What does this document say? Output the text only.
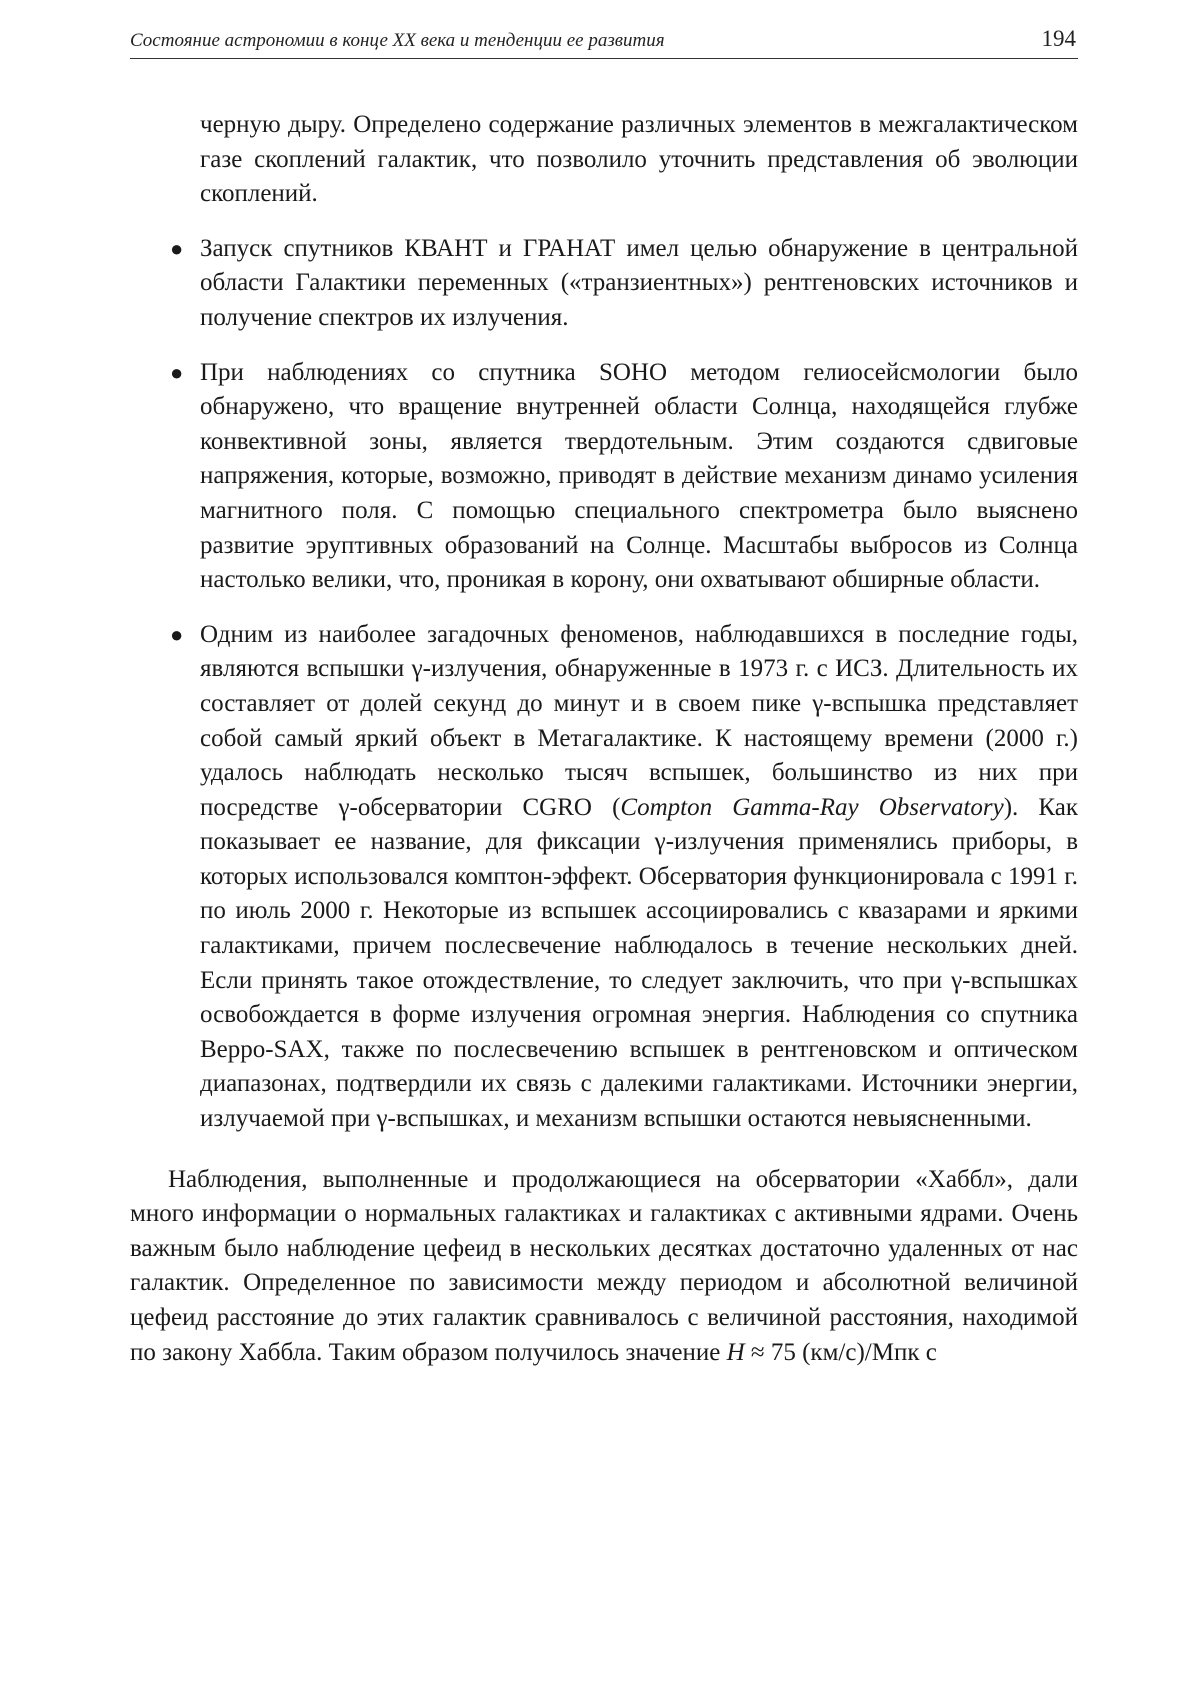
Состояние астрономии в конце XX века и тенденции ее развития	194

черную дыру. Определено содержание различных элементов в межгалактическом газе скоплений галактик, что позволило уточнить представления об эволюции скоплений.

● Запуск спутников КВАНТ и ГРАНАТ имел целью обнаружение в центральной области Галактики переменных («транзиентных») рентгеновских источников и получение спектров их излучения.

● При наблюдениях со спутника SOHO методом гелиосейсмологии было обнаружено, что вращение внутренней области Солнца, находящейся глубже конвективной зоны, является твердотельным. Этим создаются сдвиговые напряжения, которые, возможно, приводят в действие механизм динамо усиления магнитного поля. С помощью специального спектрометра было выяснено развитие эруптивных образований на Солнце. Масштабы выбросов из Солнца настолько велики, что, проникая в корону, они охватывают обширные области.

● Одним из наиболее загадочных феноменов, наблюдавшихся в последние годы, являются вспышки γ-излучения, обнаруженные в 1973 г. с ИСЗ. Длительность их составляет от долей секунд до минут и в своем пике γ-вспышка представляет собой самый яркий объект в Метагалактике. К настоящему времени (2000 г.) удалось наблюдать несколько тысяч вспышек, большинство из них при посредстве γ-обсерватории CGRO (Compton Gamma-Ray Observatory). Как показывает ее название, для фиксации γ-излучения применялись приборы, в которых использовался комптон-эффект. Обсерватория функционировала с 1991 г. по июль 2000 г. Некоторые из вспышек ассоциировались с квазарами и яркими галактиками, причем послесвечение наблюдалось в течение нескольких дней. Если принять такое отождествление, то следует заключить, что при γ-вспышках освобождается в форме излучения огромная энергия. Наблюдения со спутника Beppo-SAX, также по послесвечению вспышек в рентгеновском и оптическом диапазонах, подтвердили их связь с далекими галактиками. Источники энергии, излучаемой при γ-вспышках, и механизм вспышки остаются невыясненными.

Наблюдения, выполненные и продолжающиеся на обсерватории «Хаббл», дали много информации о нормальных галактиках и галактиках с активными ядрами. Очень важным было наблюдение цефеид в нескольких десятках достаточно удаленных от нас галактик. Определенное по зависимости между периодом и абсолютной величиной цефеид расстояние до этих галактик сравнивалось с величиной расстояния, находимой по закону Хаббла. Таким образом получилось значение H ≈ 75 (км/с)/Мпк с
